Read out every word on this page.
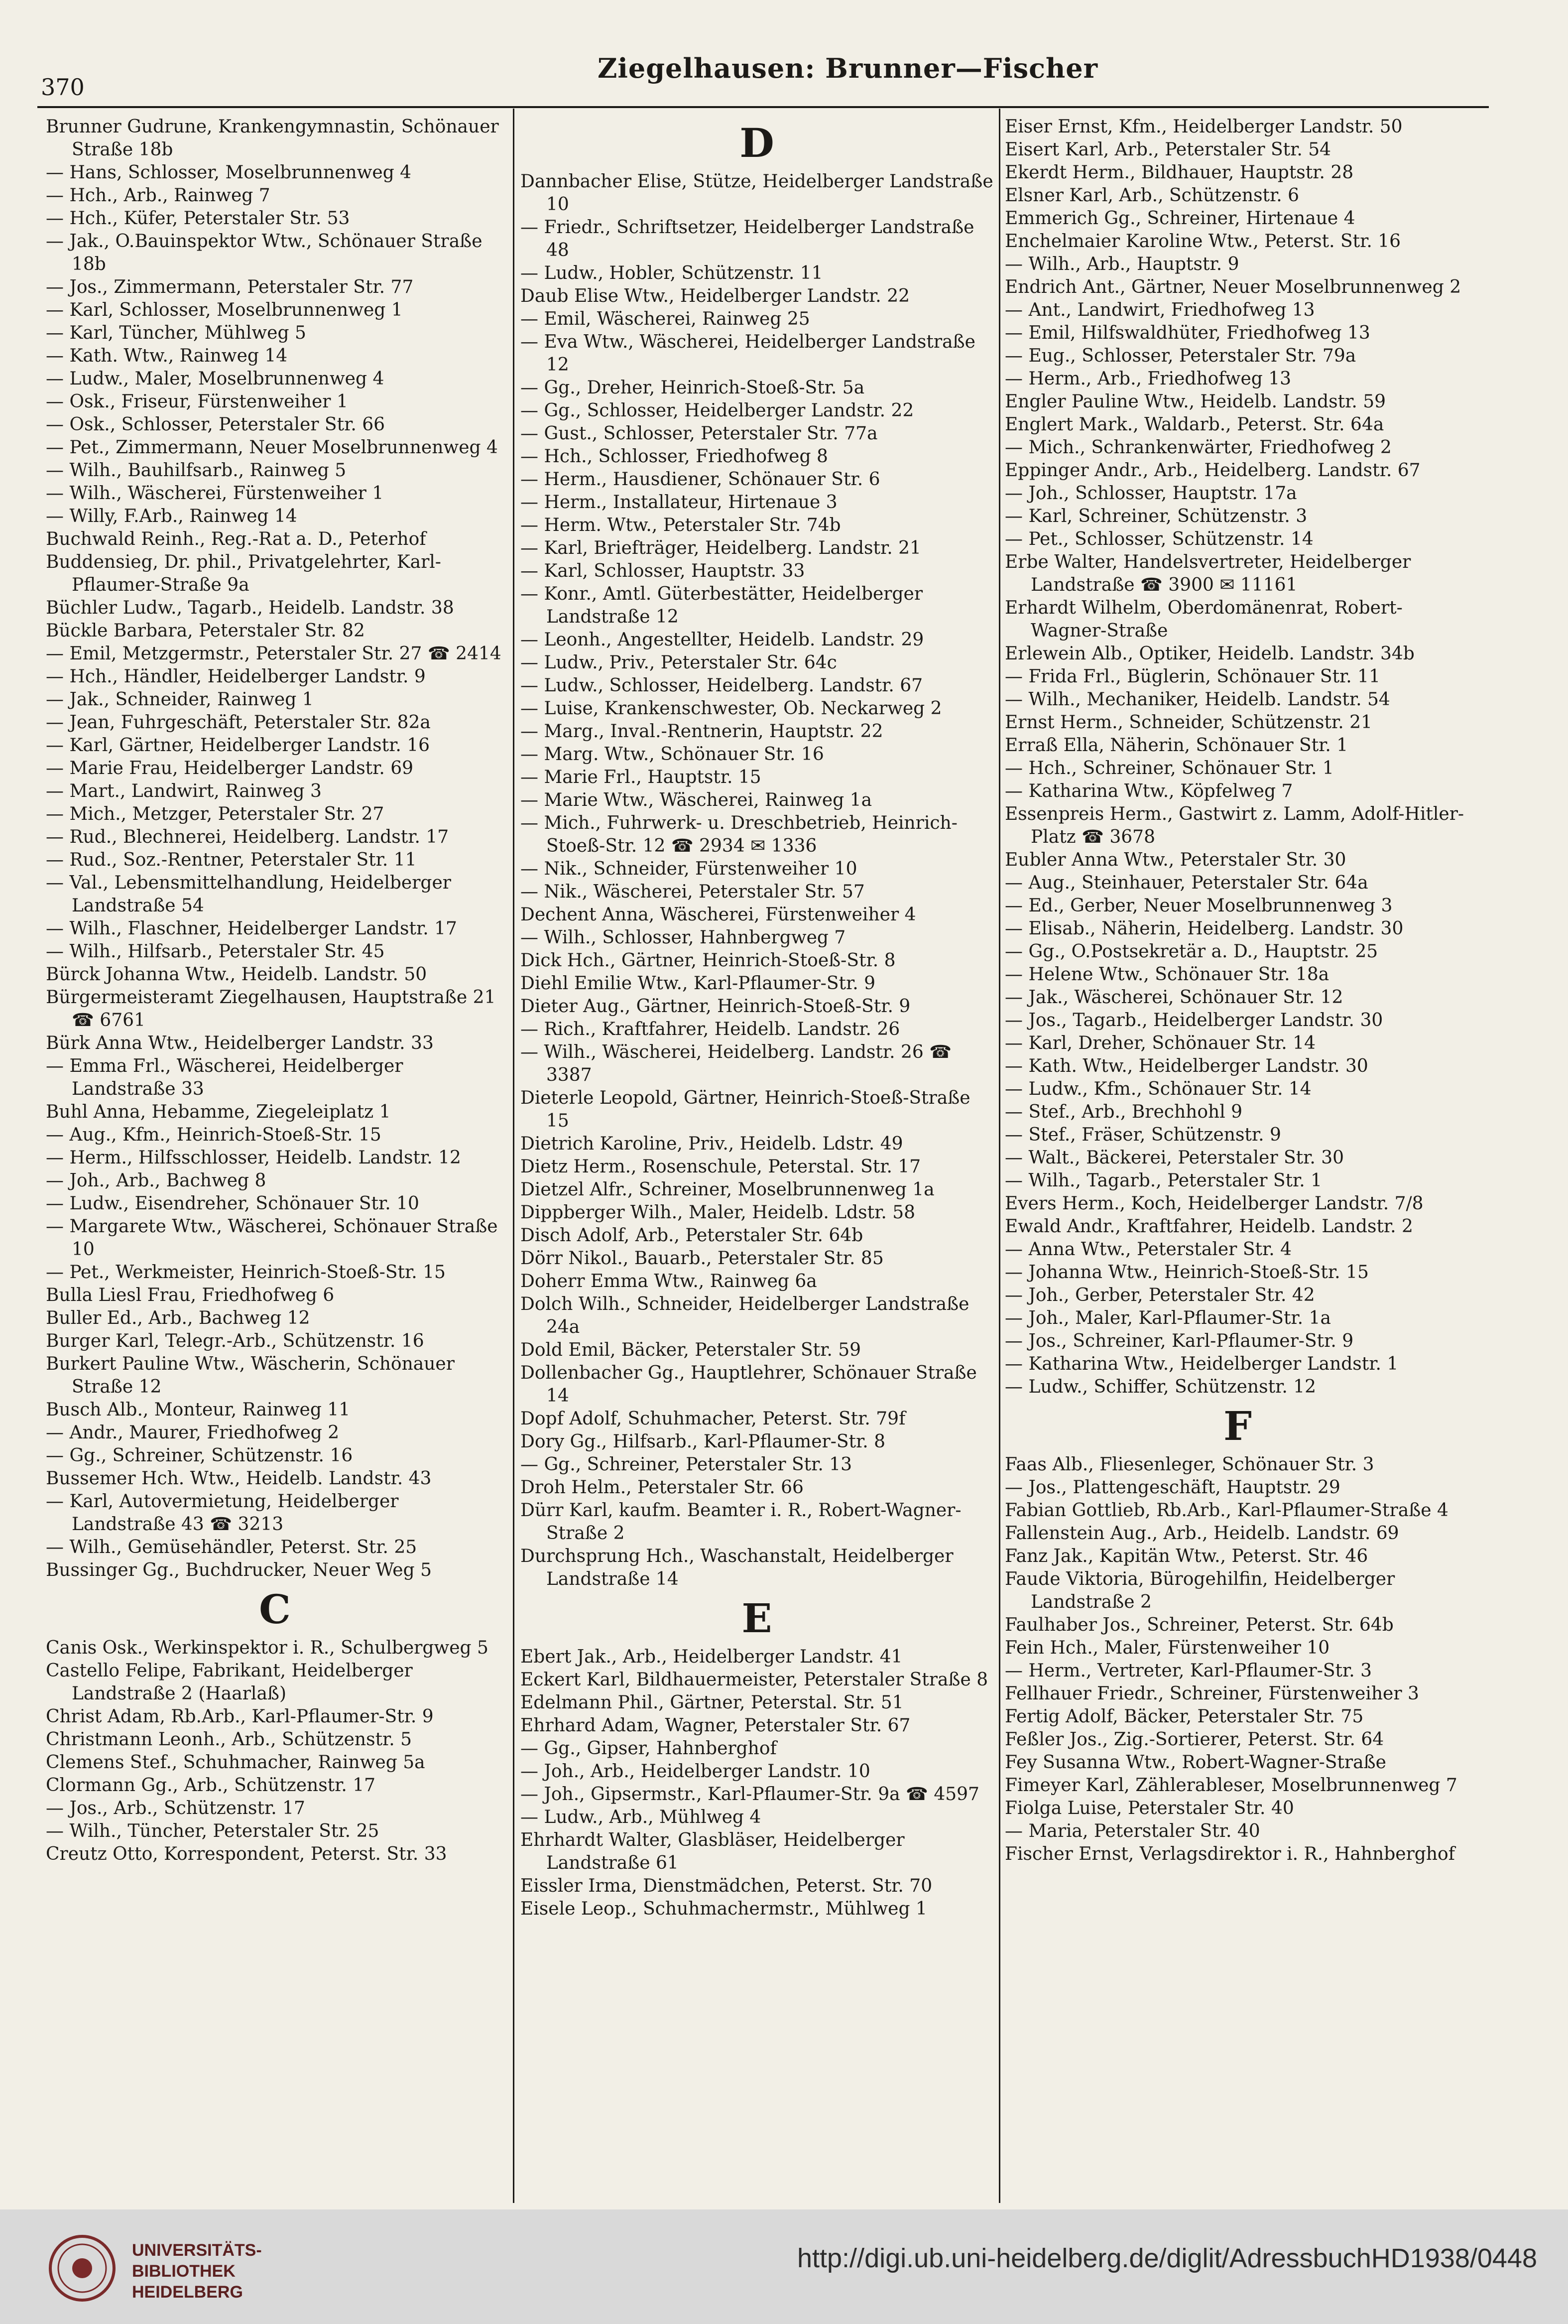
370
Ziegelhausen: Brunner—Fischer
Brunner Gudrune, Krankengymnastin, Schönauer Straße 18b
— Hans, Schlosser, Moselbrunnenweg 4
— Hch., Arb., Rainweg 7
— Hch., Küfer, Peterstaler Str. 53
— Jak., O.Bauinspektor Wtw., Schönauer Straße 18b
— Jos., Zimmermann, Peterstaler Str. 77
— Karl, Schlosser, Moselbrunnenweg 1
— Karl, Tüncher, Mühlweg 5
— Kath. Wtw., Rainweg 14
— Ludw., Maler, Moselbrunnenweg 4
— Osk., Friseur, Fürstenweiher 1
— Osk., Schlosser, Peterstaler Str. 66
— Pet., Zimmermann, Neuer Moselbrunnenweg 4
— Wilh., Bauhilfsarb., Rainweg 5
— Wilh., Wäscherei, Fürstenweiher 1
— Willy, F.Arb., Rainweg 14
Buchwald Reinh., Reg.-Rat a. D., Peterhof
Buddensieg, Dr. phil., Privatgelehrter, Karl-Pflaumer-Straße 9a
Büchler Ludw., Tagarb., Heidelb. Landstr. 38
Bückle Barbara, Peterstaler Str. 82
— Emil, Metzgermstr., Peterstaler Str. 27 ☎ 2414
— Hch., Händler, Heidelberger Landstr. 9
— Jak., Schneider, Rainweg 1
— Jean, Fuhrgeschäft, Peterstaler Str. 82a
— Karl, Gärtner, Heidelberger Landstr. 16
— Marie Frau, Heidelberger Landstr. 69
— Mart., Landwirt, Rainweg 3
— Mich., Metzger, Peterstaler Str. 27
— Rud., Blechnerei, Heidelberg. Landstr. 17
— Rud., Soz.-Rentner, Peterstaler Str. 11
— Val., Lebensmittelhandlung, Heidelberger Landstraße 54
— Wilh., Flaschner, Heidelberger Landstr. 17
— Wilh., Hilfsarb., Peterstaler Str. 45
Bürck Johanna Wtw., Heidelb. Landstr. 50
Bürgermeisteramt Ziegelhausen, Hauptstraße 21 ☎ 6761
Bürk Anna Wtw., Heidelberger Landstr. 33
— Emma Frl., Wäscherei, Heidelberger Landstraße 33
Buhl Anna, Hebamme, Ziegeleiplatz 1
— Aug., Kfm., Heinrich-Stoeß-Str. 15
— Herm., Hilfsschlosser, Heidelb. Landstr. 12
— Joh., Arb., Bachweg 8
— Ludw., Eisendreher, Schönauer Str. 10
— Margarete Wtw., Wäscherei, Schönauer Straße 10
— Pet., Werkmeister, Heinrich-Stoeß-Str. 15
Bulla Liesl Frau, Friedhofweg 6
Buller Ed., Arb., Bachweg 12
Burger Karl, Telegr.-Arb., Schützenstr. 16
Burkert Pauline Wtw., Wäscherin, Schönauer Straße 12
Busch Alb., Monteur, Rainweg 11
— Andr., Maurer, Friedhofweg 2
— Gg., Schreiner, Schützenstr. 16
Bussemer Hch. Wtw., Heidelb. Landstr. 43
— Karl, Autovermietung, Heidelberger Landstraße 43 ☎ 3213
— Wilh., Gemüsehändler, Peterst. Str. 25
Bussinger Gg., Buchdrucker, Neuer Weg 5
C
Canis Osk., Werkinspektor i. R., Schulbergweg 5
Castello Felipe, Fabrikant, Heidelberger Landstraße 2 (Haarlaß)
Christ Adam, Rb.Arb., Karl-Pflaumer-Str. 9
Christmann Leonh., Arb., Schützenstr. 5
Clemens Stef., Schuhmacher, Rainweg 5a
Clormann Gg., Arb., Schützenstr. 17
— Jos., Arb., Schützenstr. 17
— Wilh., Tüncher, Peterstaler Str. 25
Creutz Otto, Korrespondent, Peterst. Str. 33
D
Dannbacher Elise, Stütze, Heidelberger Landstraße 10
— Friedr., Schriftsetzer, Heidelberger Landstraße 48
— Ludw., Hobler, Schützenstr. 11
Daub Elise Wtw., Heidelberger Landstr. 22
— Emil, Wäscherei, Rainweg 25
— Eva Wtw., Wäscherei, Heidelberger Landstraße 12
— Gg., Dreher, Heinrich-Stoeß-Str. 5a
— Gg., Schlosser, Heidelberger Landstr. 22
— Gust., Schlosser, Peterstaler Str. 77a
— Hch., Schlosser, Friedhofweg 8
— Herm., Hausdiener, Schönauer Str. 6
— Herm., Installateur, Hirtenaue 3
— Herm. Wtw., Peterstaler Str. 74b
— Karl, Briefträger, Heidelberg. Landstr. 21
— Karl, Schlosser, Hauptstr. 33
— Konr., Amtl. Güterbestätter, Heidelberger Landstraße 12
— Leonh., Angestellter, Heidelb. Landstr. 29
— Ludw., Priv., Peterstaler Str. 64c
— Ludw., Schlosser, Heidelberg. Landstr. 67
— Luise, Krankenschwester, Ob. Neckarweg 2
— Marg., Inval.-Rentnerin, Hauptstr. 22
— Marg. Wtw., Schönauer Str. 16
— Marie Frl., Hauptstr. 15
— Marie Wtw., Wäscherei, Rainweg 1a
— Mich., Fuhrwerk- u. Dreschbetrieb, Heinrich-Stoeß-Str. 12 ☎ 2934 ✉ 1336
— Nik., Schneider, Fürstenweiher 10
— Nik., Wäscherei, Peterstaler Str. 57
Dechent Anna, Wäscherei, Fürstenweiher 4
— Wilh., Schlosser, Hahnbergweg 7
Dick Hch., Gärtner, Heinrich-Stoeß-Str. 8
Diehl Emilie Wtw., Karl-Pflaumer-Str. 9
Dieter Aug., Gärtner, Heinrich-Stoeß-Str. 9
— Rich., Kraftfahrer, Heidelb. Landstr. 26
— Wilh., Wäscherei, Heidelberg. Landstr. 26 ☎ 3387
Dieterle Leopold, Gärtner, Heinrich-Stoeß-Straße 15
Dietrich Karoline, Priv., Heidelb. Ldstr. 49
Dietz Herm., Rosenschule, Peterstal. Str. 17
Dietzel Alfr., Schreiner, Moselbrunnenweg 1a
Dippberger Wilh., Maler, Heidelb. Ldstr. 58
Disch Adolf, Arb., Peterstaler Str. 64b
Dörr Nikol., Bauarb., Peterstaler Str. 85
Doherr Emma Wtw., Rainweg 6a
Dolch Wilh., Schneider, Heidelberger Landstraße 24a
Dold Emil, Bäcker, Peterstaler Str. 59
Dollenbacher Gg., Hauptlehrer, Schönauer Straße 14
Dopf Adolf, Schuhmacher, Peterst. Str. 79f
Dory Gg., Hilfsarb., Karl-Pflaumer-Str. 8
— Gg., Schreiner, Peterstaler Str. 13
Droh Helm., Peterstaler Str. 66
Dürr Karl, kaufm. Beamter i. R., Robert-Wagner-Straße 2
Durchsprung Hch., Waschanstalt, Heidelberger Landstraße 14
E
Ebert Jak., Arb., Heidelberger Landstr. 41
Eckert Karl, Bildhauermeister, Peterstaler Straße 8
Edelmann Phil., Gärtner, Peterstal. Str. 51
Ehrhard Adam, Wagner, Peterstaler Str. 67
— Gg., Gipser, Hahnberghof
— Joh., Arb., Heidelberger Landstr. 10
— Joh., Gipsermstr., Karl-Pflaumer-Str. 9a ☎ 4597
— Ludw., Arb., Mühlweg 4
Ehrhardt Walter, Glasbläser, Heidelberger Landstraße 61
Eissler Irma, Dienstmädchen, Peterst. Str. 70
Eisele Leop., Schuhmachermstr., Mühlweg 1
Eiser Ernst, Kfm., Heidelberger Landstr. 50
Eisert Karl, Arb., Peterstaler Str. 54
Ekerdt Herm., Bildhauer, Hauptstr. 28
Elsner Karl, Arb., Schützenstr. 6
Emmerich Gg., Schreiner, Hirtenaue 4
Enchelmaier Karoline Wtw., Peterst. Str. 16
— Wilh., Arb., Hauptstr. 9
Endrich Ant., Gärtner, Neuer Moselbrunnenweg 2
— Ant., Landwirt, Friedhofweg 13
— Emil, Hilfswaldhüter, Friedhofweg 13
— Eug., Schlosser, Peterstaler Str. 79a
— Herm., Arb., Friedhofweg 13
Engler Pauline Wtw., Heidelb. Landstr. 59
Englert Mark., Waldarb., Peterst. Str. 64a
— Mich., Schrankenwärter, Friedhofweg 2
Eppinger Andr., Arb., Heidelberg. Landstr. 67
— Joh., Schlosser, Hauptstr. 17a
— Karl, Schreiner, Schützenstr. 3
— Pet., Schlosser, Schützenstr. 14
Erbe Walter, Handelsvertreter, Heidelberger Landstraße ☎ 3900 ✉ 11161
Erhardt Wilhelm, Oberdomänenrat, Robert-Wagner-Straße
Erlewein Alb., Optiker, Heidelb. Landstr. 34b
— Frida Frl., Büglerin, Schönauer Str. 11
— Wilh., Mechaniker, Heidelb. Landstr. 54
Ernst Herm., Schneider, Schützenstr. 21
Erraß Ella, Näherin, Schönauer Str. 1
— Hch., Schreiner, Schönauer Str. 1
— Katharina Wtw., Köpfelweg 7
Essenpreis Herm., Gastwirt z. Lamm, Adolf-Hitler-Platz ☎ 3678
Eubler Anna Wtw., Peterstaler Str. 30
— Aug., Steinhauer, Peterstaler Str. 64a
— Ed., Gerber, Neuer Moselbrunnenweg 3
— Elisab., Näherin, Heidelberg. Landstr. 30
— Gg., O.Postsekretär a. D., Hauptstr. 25
— Helene Wtw., Schönauer Str. 18a
— Jak., Wäscherei, Schönauer Str. 12
— Jos., Tagarb., Heidelberger Landstr. 30
— Karl, Dreher, Schönauer Str. 14
— Kath. Wtw., Heidelberger Landstr. 30
— Ludw., Kfm., Schönauer Str. 14
— Stef., Arb., Brechhohl 9
— Stef., Fräser, Schützenstr. 9
— Walt., Bäckerei, Peterstaler Str. 30
— Wilh., Tagarb., Peterstaler Str. 1
Evers Herm., Koch, Heidelberger Landstr. 7/8
Ewald Andr., Kraftfahrer, Heidelb. Landstr. 2
— Anna Wtw., Peterstaler Str. 4
— Johanna Wtw., Heinrich-Stoeß-Str. 15
— Joh., Gerber, Peterstaler Str. 42
— Joh., Maler, Karl-Pflaumer-Str. 1a
— Jos., Schreiner, Karl-Pflaumer-Str. 9
— Katharina Wtw., Heidelberger Landstr. 1
— Ludw., Schiffer, Schützenstr. 12
F
Faas Alb., Fliesenleger, Schönauer Str. 3
— Jos., Plattengeschäft, Hauptstr. 29
Fabian Gottlieb, Rb.Arb., Karl-Pflaumer-Straße 4
Fallenstein Aug., Arb., Heidelb. Landstr. 69
Fanz Jak., Kapitän Wtw., Peterst. Str. 46
Faude Viktoria, Bürogehilfin, Heidelberger Landstraße 2
Faulhaber Jos., Schreiner, Peterst. Str. 64b
Fein Hch., Maler, Fürstenweiher 10
— Herm., Vertreter, Karl-Pflaumer-Str. 3
Fellhauer Friedr., Schreiner, Fürstenweiher 3
Fertig Adolf, Bäcker, Peterstaler Str. 75
Feßler Jos., Zig.-Sortierer, Peterst. Str. 64
Fey Susanna Wtw., Robert-Wagner-Straße
Fimeyer Karl, Zählerableser, Moselbrunnenweg 7
Fiolga Luise, Peterstaler Str. 40
— Maria, Peterstaler Str. 40
Fischer Ernst, Verlagsdirektor i. R., Hahnberghof
UNIVERSITÄTS-
BIBLIOTHEK
HEIDELBERG
http://digi.ub.uni-heidelberg.de/diglit/AdressbuchHD1938/0448
